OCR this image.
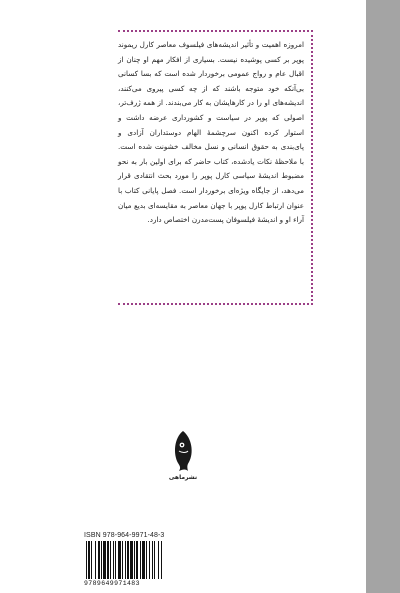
امروزه اهمیت و تأثیر اندیشه‌های فیلسوف معاصر کارل ریموند پوپر بر کسی پوشیده نیست. بسیاری از افکار مهم او چنان از اقبال عام و رواج عمومی برخوردار شده است که بسا کسانی بی‌آنکه خود متوجه باشند که از چه کسی پیروی می‌کنند، اندیشه‌های او را در کارهایشان به کار می‌بندند. از همه ژرف‌تر، اصولی که پوپر در سیاست و کشورداری عرضه داشت و استوار کرده اکنون سرچشمهٔ الهام دوستداران آزادی و پای‌بندی به حقوق انسانی و نسل مخالف خشونت شده است. با ملاحظهٔ نکات یادشده، کتاب حاضر که برای اولین بار به نحو مضبوط اندیشهٔ سیاسی کارل پوپر را مورد بحث انتقادی قرار می‌دهد، از جایگاه ویژه‌ای برخوردار است. فصل پایانی کتاب با عنوان ارتباط کارل پوپر با جهان معاصر به مقایسه‌ای بدیع میان آراء او و اندیشهٔ فیلسوفان پست‌مدرن اختصاص دارد.
نشرماهی
ISBN 978-964-9971-48-3
9789649971483
